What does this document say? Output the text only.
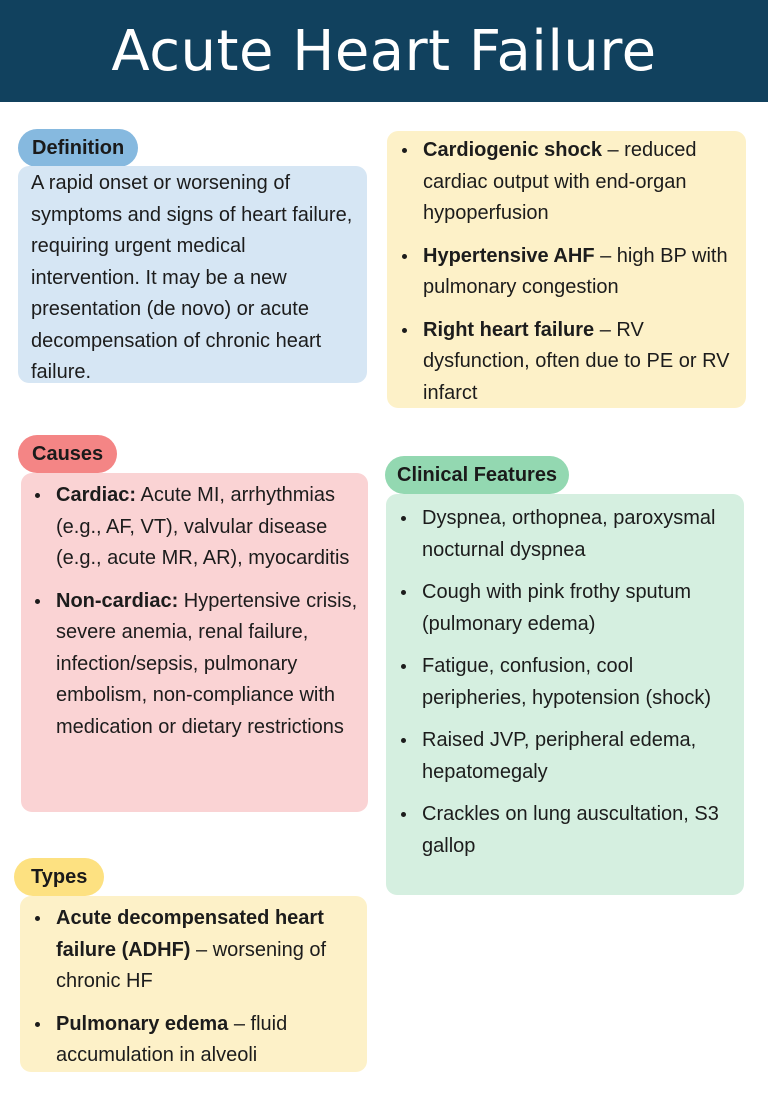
Acute Heart Failure
Definition

A rapid onset or worsening of symptoms and signs of heart failure, requiring urgent medical intervention. It may be a new presentation (de novo) or acute decompensation of chronic heart failure.

Cardiogenic shock – reduced cardiac output with end-organ hypoperfusion
Hypertensive AHF – high BP with pulmonary congestion
Right heart failure – RV dysfunction, often due to PE or RV infarct
Causes
Cardiac: Acute MI, arrhythmias (e.g., AF, VT), valvular disease (e.g., acute MR, AR), myocarditis
Non-cardiac: Hypertensive crisis, severe anemia, renal failure, infection/sepsis, pulmonary embolism, non-compliance with medication or dietary restrictions
Clinical Features
Dyspnea, orthopnea, paroxysmal nocturnal dyspnea
Cough with pink frothy sputum (pulmonary edema)
Fatigue, confusion, cool peripheries, hypotension (shock)
Raised JVP, peripheral edema, hepatomegaly
Crackles on lung auscultation, S3 gallop
Types
Acute decompensated heart failure (ADHF) – worsening of chronic HF
Pulmonary edema – fluid accumulation in alveoli
